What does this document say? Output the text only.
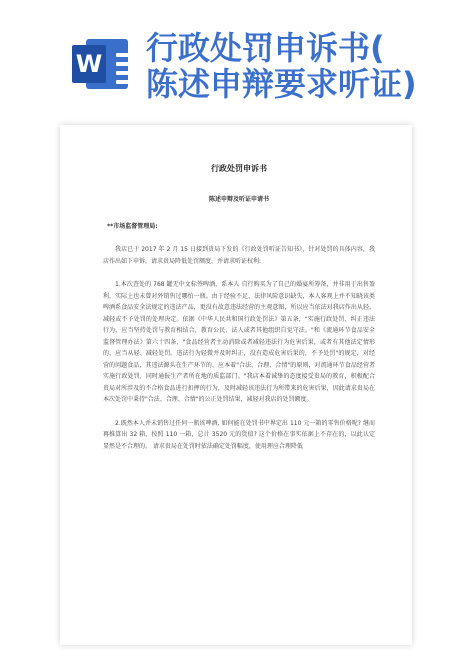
W 行政处罚申诉书(
陈述申辩要求听证)
行政处罚申诉书
陈述申辩及听证申请书
**市场监督管理局:

我店已于 2017 年 2 月 15 日接到贵局下发的《行政处罚听证告知书》，针对处罚的具体内容，我店作出如下申诉，请求贵局降低处罚额度，并请求听证权利:

1.本次查处的 768 罐无中文标签啤酒，系本人 自行购买为了自己的婚宴所筹备，并非用于出售盈利，实际上也未曾对外销售过哪怕一瓶。由于经验不足，法律风险意识缺失，本人客观上并不知晓该类啤酒系食品安全法规定的违法产品，更没有故意违法经营的主观意图，所以应当依法对我店作出从轻、减轻或不予处罚的处理决定。依据《中华人民共和国行政处罚法》第五条，"实施行政处罚、纠正违法行为，应当坚持处罚与教育相结合，教育公民、法人或者其他组织自觉守法。"和《流通环节食品安全监督管理办法》第六十四条，"食品经营者主动消除或者减轻违法行为危害后果，或者有其他法定情形的，应当从轻、减轻处罚。违法行为轻微并及时纠正，没有造成危害后果的，不予处罚"的规定，对经营的问题食品，其违法源头在生产环节的，应本着"合法、合理、合情"的原则，对流通环节食品经营者实施行政处罚，同时通报生产者所在地的质监部门。"我店本着诚挚的态度接受贵局的教育，积极配合贵局对所涉及的不合格食品进行扣押的行为，及时减轻该违法行为所带来的危害后果，因此请求贵局在本次处罚中秉持"合法、合理、合情"的公正处罚结果，减轻对我店的处罚额度。

2.既然本人并未销售过任何一瓶该啤酒, 如何能在处罚书中界定出 110 元一箱的零售价格呢? 继而再推算出 32 箱，按照 110 一箱，总计 3520 元的货值? 这个价格在事实依据上不存在的，以此认定显然是不合理的。 请求贵局在处罚时依法确定处罚幅度，使用理应合理降低
